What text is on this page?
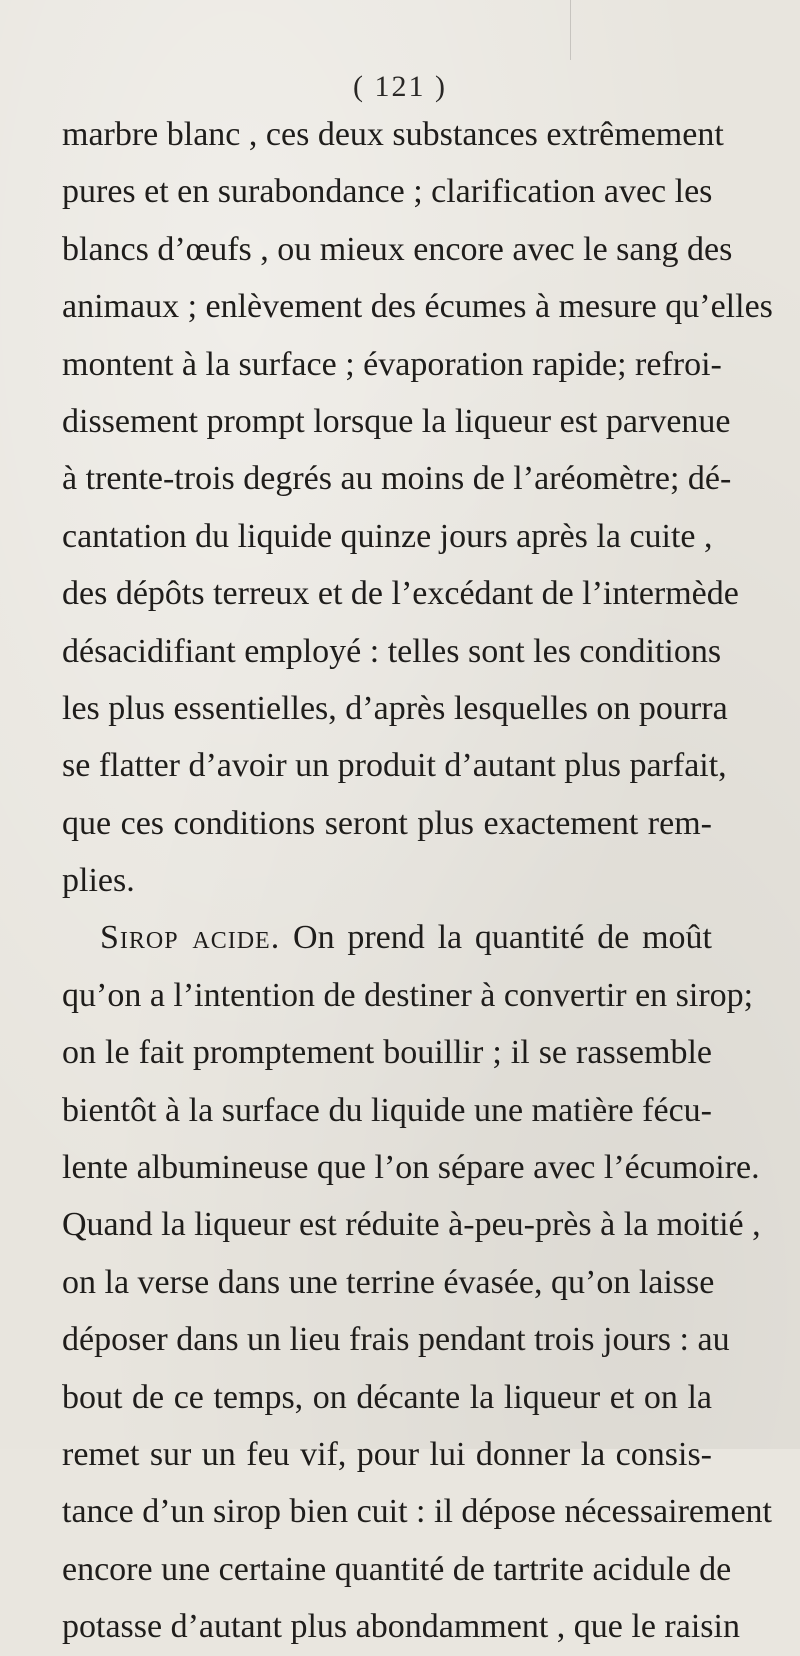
( 121 )
marbre blanc , ces deux substances extrêmement
pures et en surabondance ; clarification avec les
blancs d’œufs , ou mieux encore avec le sang des
animaux ; enlèvement des écumes à mesure qu’elles
montent à la surface ; évaporation rapide; refroi-
dissement prompt lorsque la liqueur est parvenue
à trente-trois degrés au moins de l’aréomètre; dé-
cantation du liquide quinze jours après la cuite ,
des dépôts terreux et de l’excédant de l’intermède
désacidifiant employé : telles sont les conditions
les plus essentielles, d’après lesquelles on pourra
se flatter d’avoir un produit d’autant plus parfait,
que ces conditions seront plus exactement rem-
plies.
Sirop acide. On prend la quantité de moût
qu’on a l’intention de destiner à convertir en sirop;
on le fait promptement bouillir ; il se rassemble
bientôt à la surface du liquide une matière fécu-
lente albumineuse que l’on sépare avec l’écumoire.
Quand la liqueur est réduite à-peu-près à la moitié ,
on la verse dans une terrine évasée, qu’on laisse
déposer dans un lieu frais pendant trois jours : au
bout de ce temps, on décante la liqueur et on la
remet sur un feu vif, pour lui donner la consis-
tance d’un sirop bien cuit : il dépose nécessairement
encore une certaine quantité de tartrite acidule de
potasse d’autant plus abondamment , que le raisin
